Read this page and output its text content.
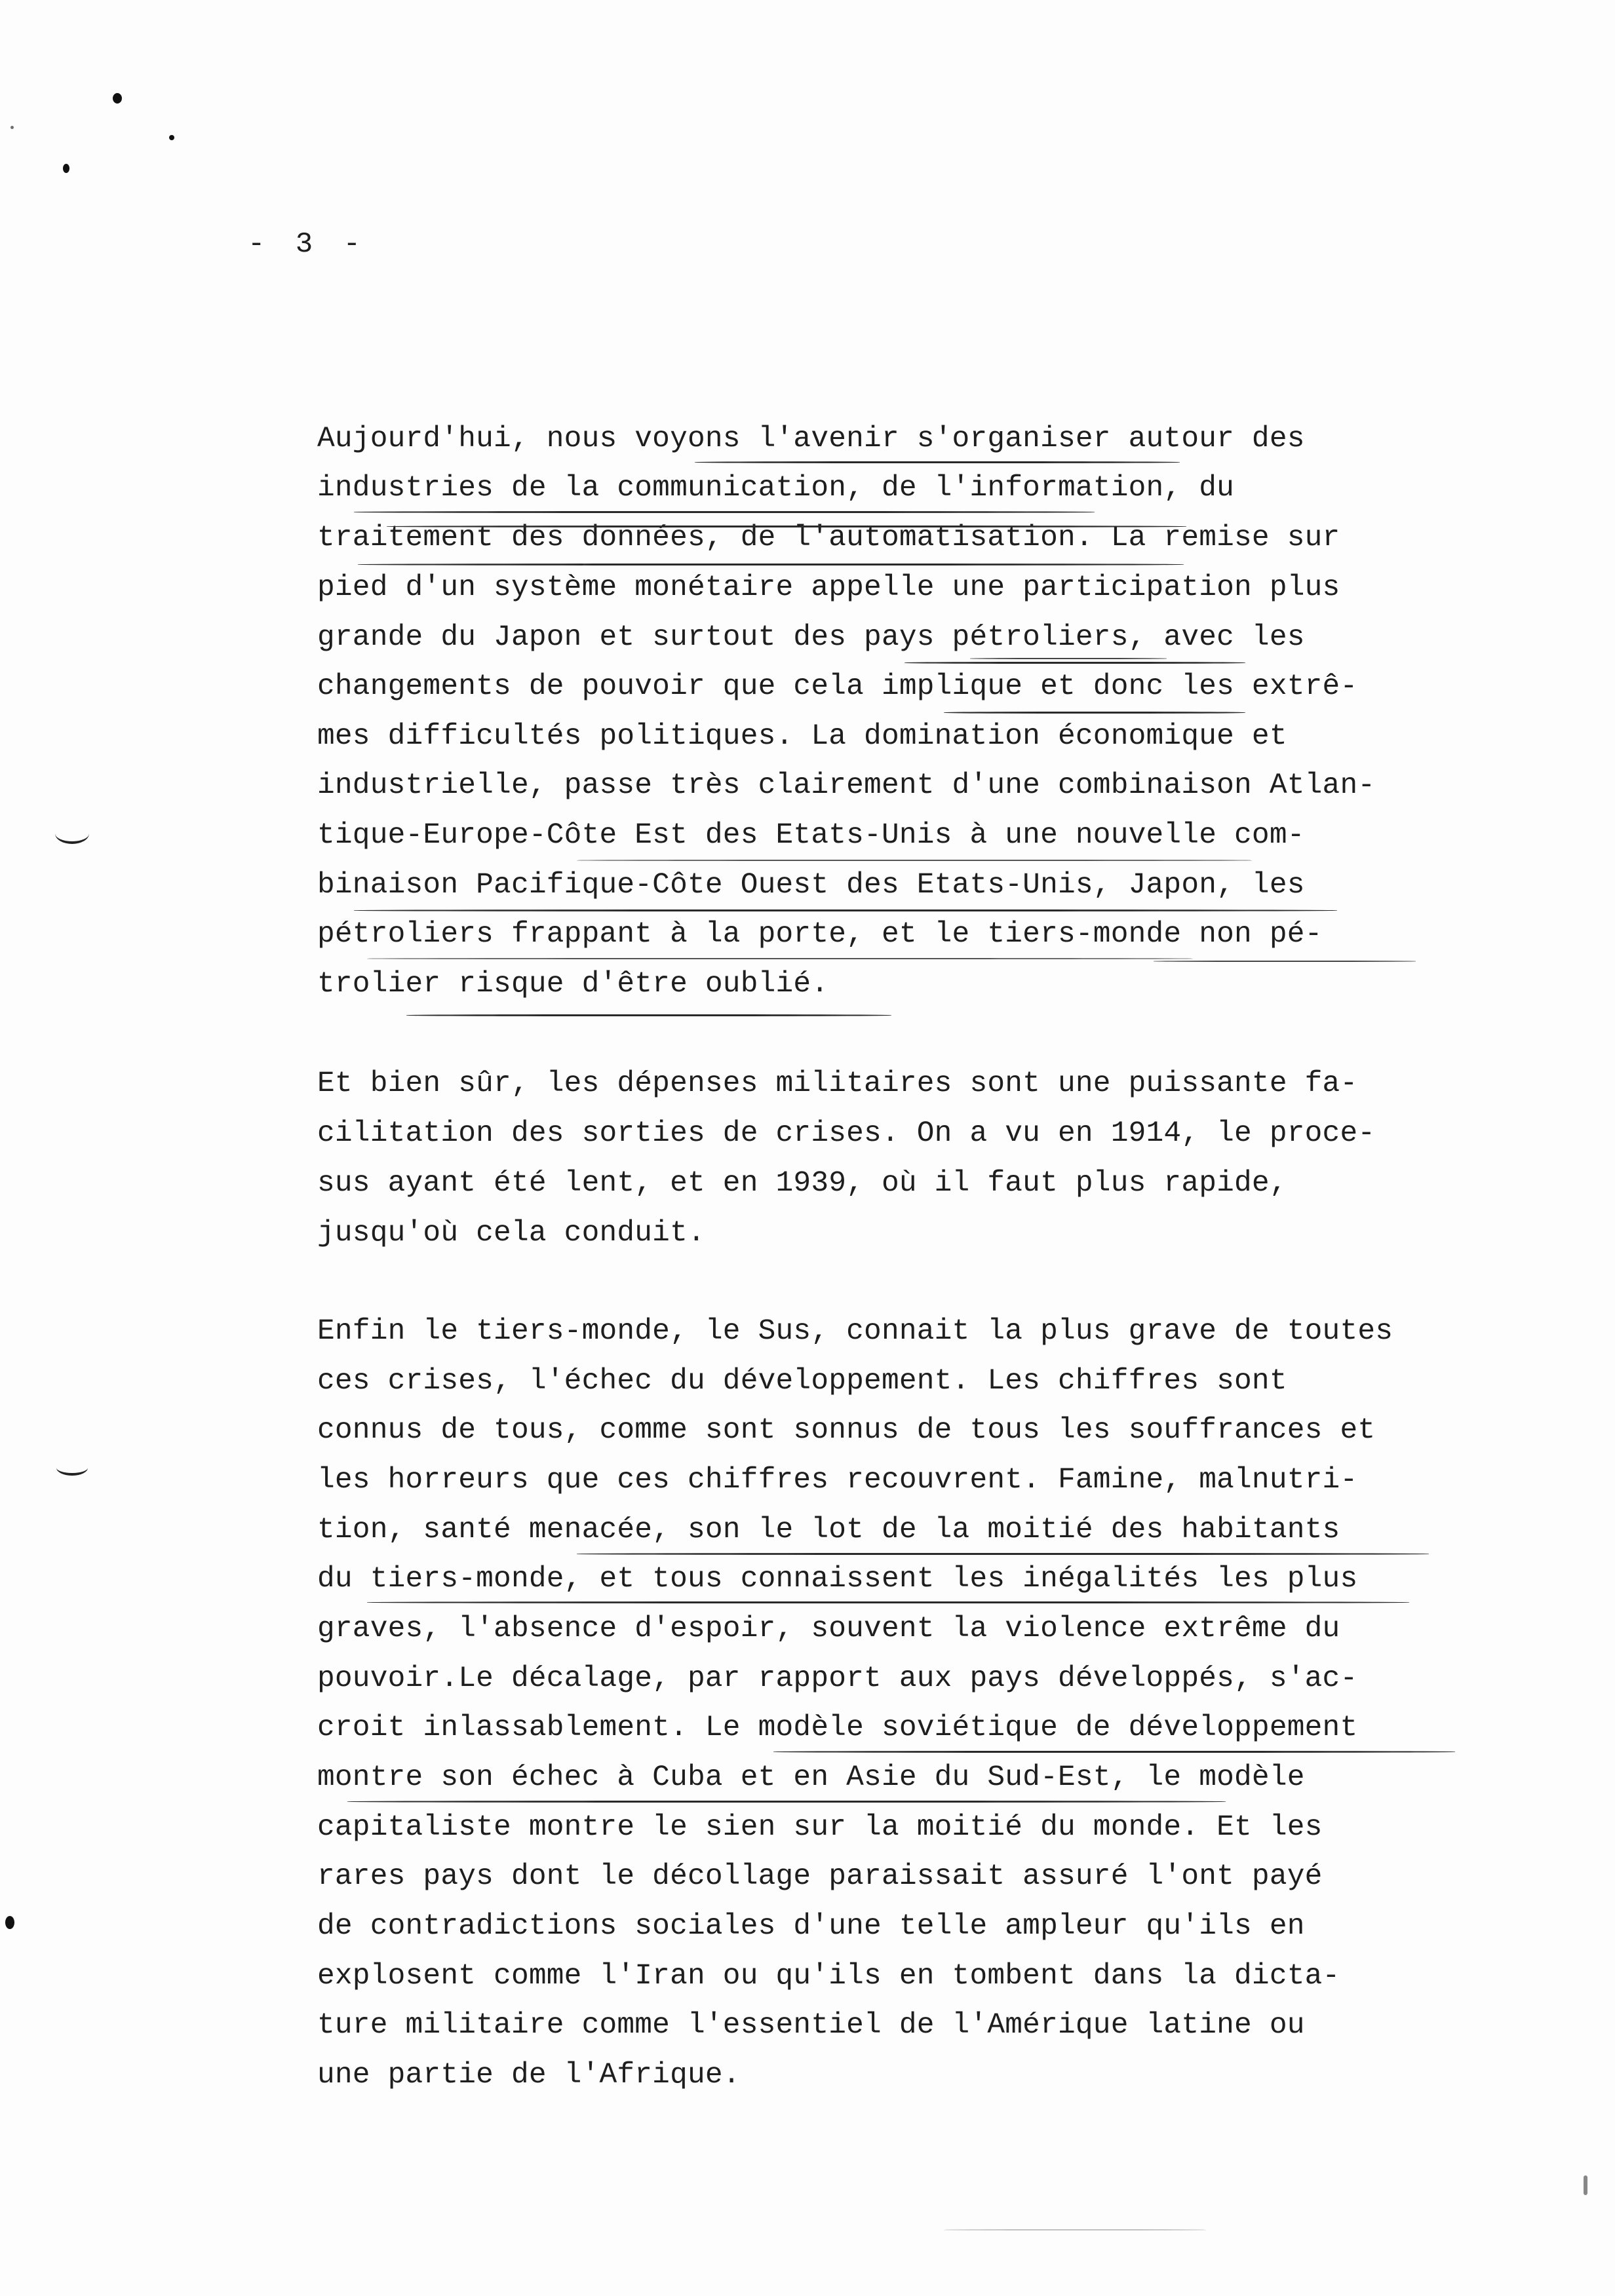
- 3 -
Aujourd'hui, nous voyons l'avenir s'organiser autour des
industries de la communication, de l'information, du
traitement des données, de l'automatisation. La remise sur
pied d'un système monétaire appelle une participation plus
grande du Japon et surtout des pays pétroliers, avec les
changements de pouvoir que cela implique et donc les extrê-
mes difficultés politiques. La domination économique et
industrielle, passe très clairement d'une combinaison Atlan-
tique-Europe-Côte Est des Etats-Unis à une nouvelle com-
binaison Pacifique-Côte Ouest des Etats-Unis, Japon, les
pétroliers frappant à la porte, et le tiers-monde non pé-
trolier risque d'être oublié.
Et bien sûr, les dépenses militaires sont une puissante fa-
cilitation des sorties de crises. On a vu en 1914, le proce-
sus ayant été lent, et en 1939, où il faut plus rapide,
jusqu'où cela conduit.
Enfin le tiers-monde, le Sus, connait la plus grave de toutes
ces crises, l'échec du développement. Les chiffres sont
connus de tous, comme sont sonnus de tous les souffrances et
les horreurs que ces chiffres recouvrent. Famine, malnutri-
tion, santé menacée, son le lot de la moitié des habitants
du tiers-monde, et tous connaissent les inégalités les plus
graves, l'absence d'espoir, souvent la violence extrême du
pouvoir.Le décalage, par rapport aux pays développés, s'ac-
croit inlassablement. Le modèle soviétique de développement
montre son échec à Cuba et en Asie du Sud-Est, le modèle
capitaliste montre le sien sur la moitié du monde. Et les
rares pays dont le décollage paraissait assuré l'ont payé
de contradictions sociales d'une telle ampleur qu'ils en
explosent comme l'Iran ou qu'ils en tombent dans la dicta-
ture militaire comme l'essentiel de l'Amérique latine ou
une partie de l'Afrique.
